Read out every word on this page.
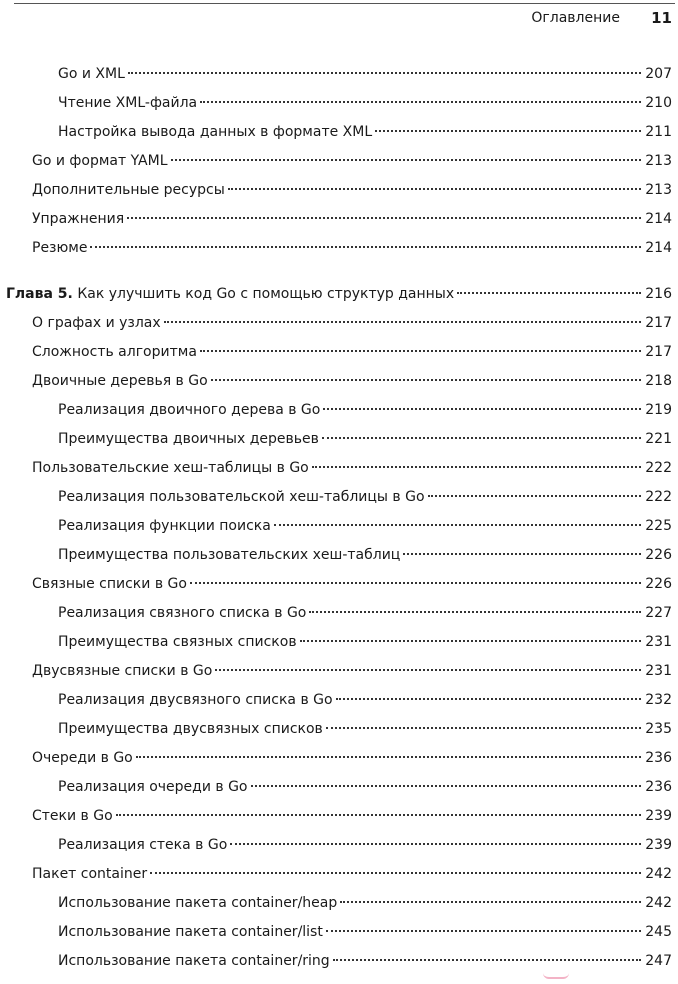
Оглавление 11
Go и XML	207
Чтение XML-файла	210
Настройка вывода данных в формате XML	211
Go и формат YAML	213
Дополнительные ресурсы	213
Упражнения	214
Резюме	214
Глава 5. Как улучшить код Go с помощью структур данных	216
О графах и узлах	217
Сложность алгоритма	217
Двоичные деревья в Go	218
Реализация двоичного дерева в Go	219
Преимущества двоичных деревьев	221
Пользовательские хеш-таблицы в Go	222
Реализация пользовательской хеш-таблицы в Go	222
Реализация функции поиска	225
Преимущества пользовательских хеш-таблиц	226
Связные списки в Go	226
Реализация связного списка в Go	227
Преимущества связных списков	231
Двусвязные списки в Go	231
Реализация двусвязного списка в Go	232
Преимущества двусвязных списков	235
Очереди в Go	236
Реализация очереди в Go	236
Стеки в Go	239
Реализация стека в Go	239
Пакет container	242
Использование пакета container/heap	242
Использование пакета container/list	245
Использование пакета container/ring	247
